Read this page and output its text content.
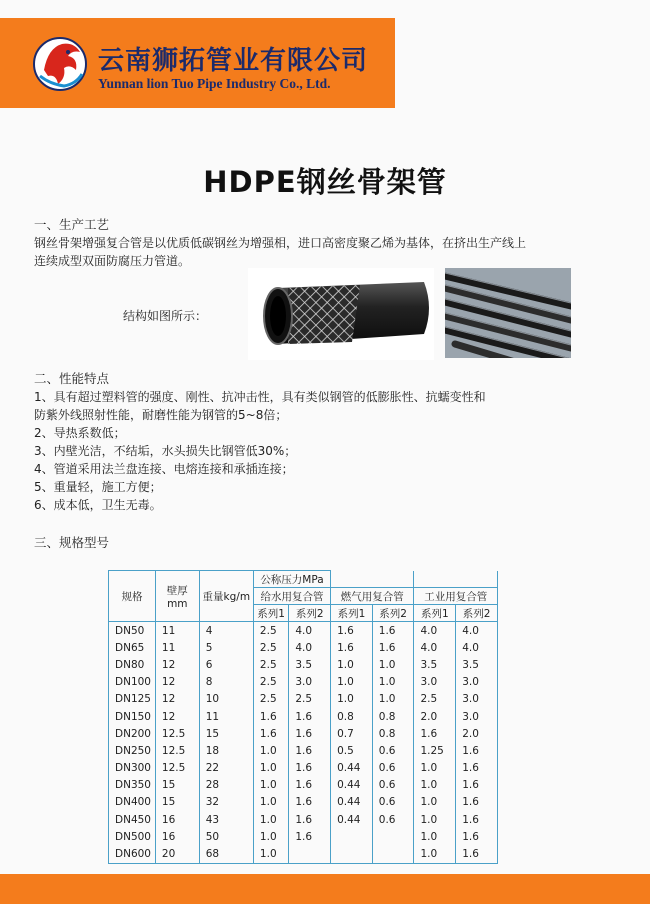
云南狮拓管业有限公司
Yunnan lion Tuo Pipe Industry Co., Ltd.
HDPE钢丝骨架管
一、生产工艺
钢丝骨架增强复合管是以优质低碳钢丝为增强相，进口高密度聚乙烯为基体，在挤出生产线上
连续成型双面防腐压力管道。
结构如图所示：
二、性能特点
1、具有超过塑料管的强度、刚性、抗冲击性，具有类似钢管的低膨胀性、抗蠕变性和
防紫外线照射性能，耐磨性能为钢管的5~8倍；
2、导热系数低；
3、内壁光洁，不结垢，水头损失比钢管低30%；
4、管道采用法兰盘连接、电熔连接和承插连接；
5、重量轻，施工方便；
6、成本低，卫生无毒。
三、规格型号
规格	壁厚mm	重量kg/m	公称压力MPa					
			给水用复合管		燃气用复合管		工业用复合管	
			系列1	系列2	系列1	系列2	系列1	系列2
DN50	11	4	2.5	4.0	1.6	1.6	4.0	4.0
DN65	11	5	2.5	4.0	1.6	1.6	4.0	4.0
DN80	12	6	2.5	3.5	1.0	1.0	3.5	3.5
DN100	12	8	2.5	3.0	1.0	1.0	3.0	3.0
DN125	12	10	2.5	2.5	1.0	1.0	2.5	3.0
DN150	12	11	1.6	1.6	0.8	0.8	2.0	3.0
DN200	12.5	15	1.6	1.6	0.7	0.8	1.6	2.0
DN250	12.5	18	1.0	1.6	0.5	0.6	1.25	1.6
DN300	12.5	22	1.0	1.6	0.44	0.6	1.0	1.6
DN350	15	28	1.0	1.6	0.44	0.6	1.0	1.6
DN400	15	32	1.0	1.6	0.44	0.6	1.0	1.6
DN450	16	43	1.0	1.6	0.44	0.6	1.0	1.6
DN500	16	50	1.0	1.6			1.0	1.6
DN600	20	68	1.0				1.0	1.6
